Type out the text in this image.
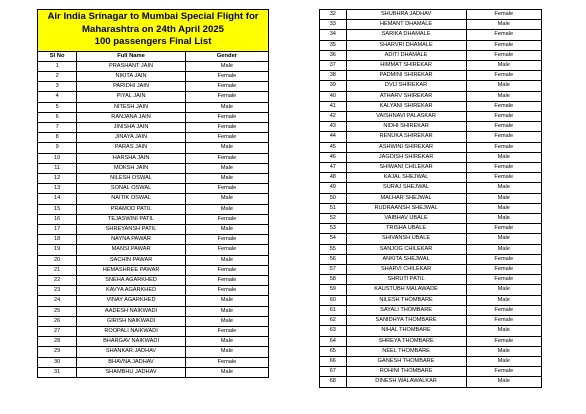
Air India Srinagar to Mumbai Special Flight for
Maharashtra on 24th April 2025
100 passengers Final List		

Sl No	Full Name	Gender
1	PRASHANT JAIN	Male
2	NIKITA JAIN	Female
3	PARIDHI JAIN	Female
4	PIYAL JAIN	Female
5	NITESH JAIN	Male
6	RANJANA JAIN	Female
7	JINISHA JAIN	Female
8	JINAYA JAIN	Female
9	PARAS JAIN	Male
10	HARSHA JAIN	Female
11	MOKSH JAIN	Male
12	NILESH OSWAL	Male
13	SONAL OSWAL	Female
14	NAITIK OSWAL	Male
15	PRAMOD PATIL	Male
16	TEJASWINI PATIL	Female
17	SHREYANSH PATIL	Male
18	NAYNA PAWAR	Female
19	MANSI PAWAR	Female
20	SACHIN PAWAR	Male
21	HEMASHREE PAWAR	Female
22	SNEHA AGARKHED	Female
23	KAVYA AGARKHED	Female
24	VINAY AGARKHED	Male
25	AADESH NAIKWADI	Male
26	GIRISH NAIKWADI	Male
27	ROOPALI NAIKWADI	Female
28	BHARGAV NAIKWADI	Male
29	SHANKAR JADHAV	Male
30	BHAVNA JADHAV	Female
31	SHAMBHU JADHAV	Male
32	SHUBHRA JADHAV	Female
33	HEMANT DHAMALE	Male
34	SARIKA DHAMALE	Female
35	SHARVRI DHAMALE	Female
36	ADITI DHAMALE	Female
37	HIMMAT SHIREKAR	Male
38	PADMINI SHIREKAR	Female
39	DVIJ SHIREKAR	Male
40	ATHARV SHIREKAR	Male
41	KALYANI SHIREKAR	Female
42	VAISHNAVI PALASKAR	Female
43	NIDHI SHIREKAR	Female
44	RENUKA SHIREKAR	Female
45	ASHWINI SHIREKAR	Female
46	JAGDISH SHIREKAR	Male
47	SHIWANI CHILEKAR	Female
48	KAJAL SHEJWAL	Female
49	SURAJ SHEJWAL	Male
50	MALHAR SHEJWAL	Male
51	RUDRAANSH SHEJWAL	Male
52	VAIBHAV UBALE	Male
53	TRISHA UBALE	Female
54	SHIVANSH UBALE	Male
55	SANJOG CHILEKAR	Male
56	ANKITA SHEJWAL	Female
57	SHARVI CHILEKAR	Female
58	SHRUTI PATIL	Female
59	KAUSTUBH MALAWADE	Male
60	NILESH THOMBARE	Male
61	SAYALI THOMBARE	Female
62	SANIDHYA THOMBARE	Female
63	NIHAL THOMBARE	Male
64	SHREYA THOMBARE	Female
65	NEEL THOMBARE	Male
66	GANESH THOMBARE	Male
67	ROHINI THOMBARE	Female
68	DINESH WALAWALKAR	Male
